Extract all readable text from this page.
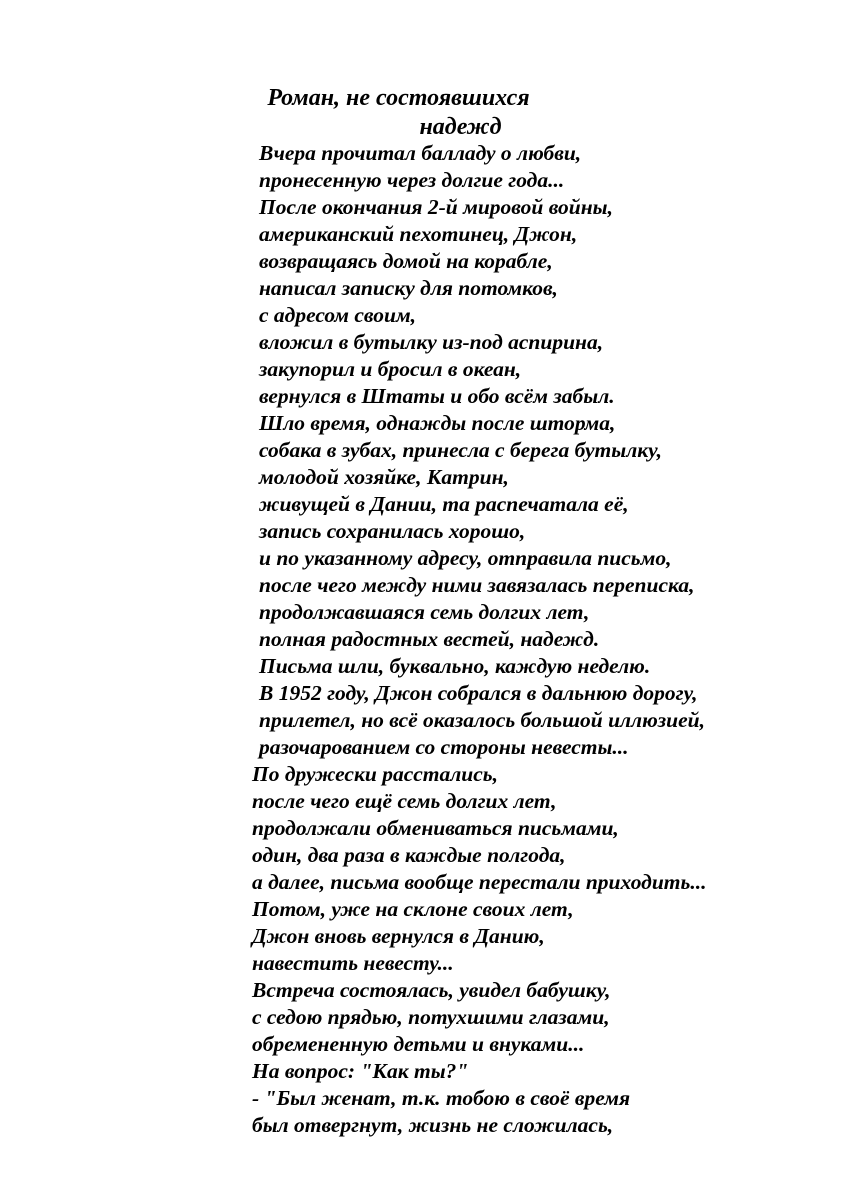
Роман, не состоявшихся
надежд
Вчера прочитал балладу о любви,
пронесенную через долгие года...
После окончания 2-й мировой войны,
американский пехотинец, Джон,
возвращаясь домой на корабле,
написал записку для потомков,
с адресом своим,
вложил в бутылку из-под аспирина,
закупорил и бросил в океан,
вернулся в Штаты и обо всём забыл.
Шло время, однажды после шторма,
собака в зубах, принесла с берега бутылку,
молодой хозяйке, Катрин,
живущей в Дании, та распечатала её,
запись сохранилась хорошо,
и по указанному адресу, отправила письмо,
после чего между ними завязалась переписка,
продолжавшаяся семь долгих лет,
полная радостных вестей, надежд.
Письма шли, буквально, каждую неделю.
В 1952 году, Джон собрался в дальнюю дорогу,
прилетел, но всё оказалось большой иллюзией,
разочарованием со стороны невесты...
По дружески расстались,
после чего ещё семь долгих лет,
продолжали обмениваться письмами,
один, два раза в каждые полгода,
а далее, письма вообще перестали приходить...
Потом, уже на склоне своих лет,
Джон вновь вернулся в Данию,
навестить невесту...
Встреча состоялась, увидел бабушку,
с седою прядью, потухшими глазами,
обремененную детьми и внуками...
На вопрос: "Как ты?"
- "Был женат, т.к. тобою в своё время
был отвергнут, жизнь не сложилась,
